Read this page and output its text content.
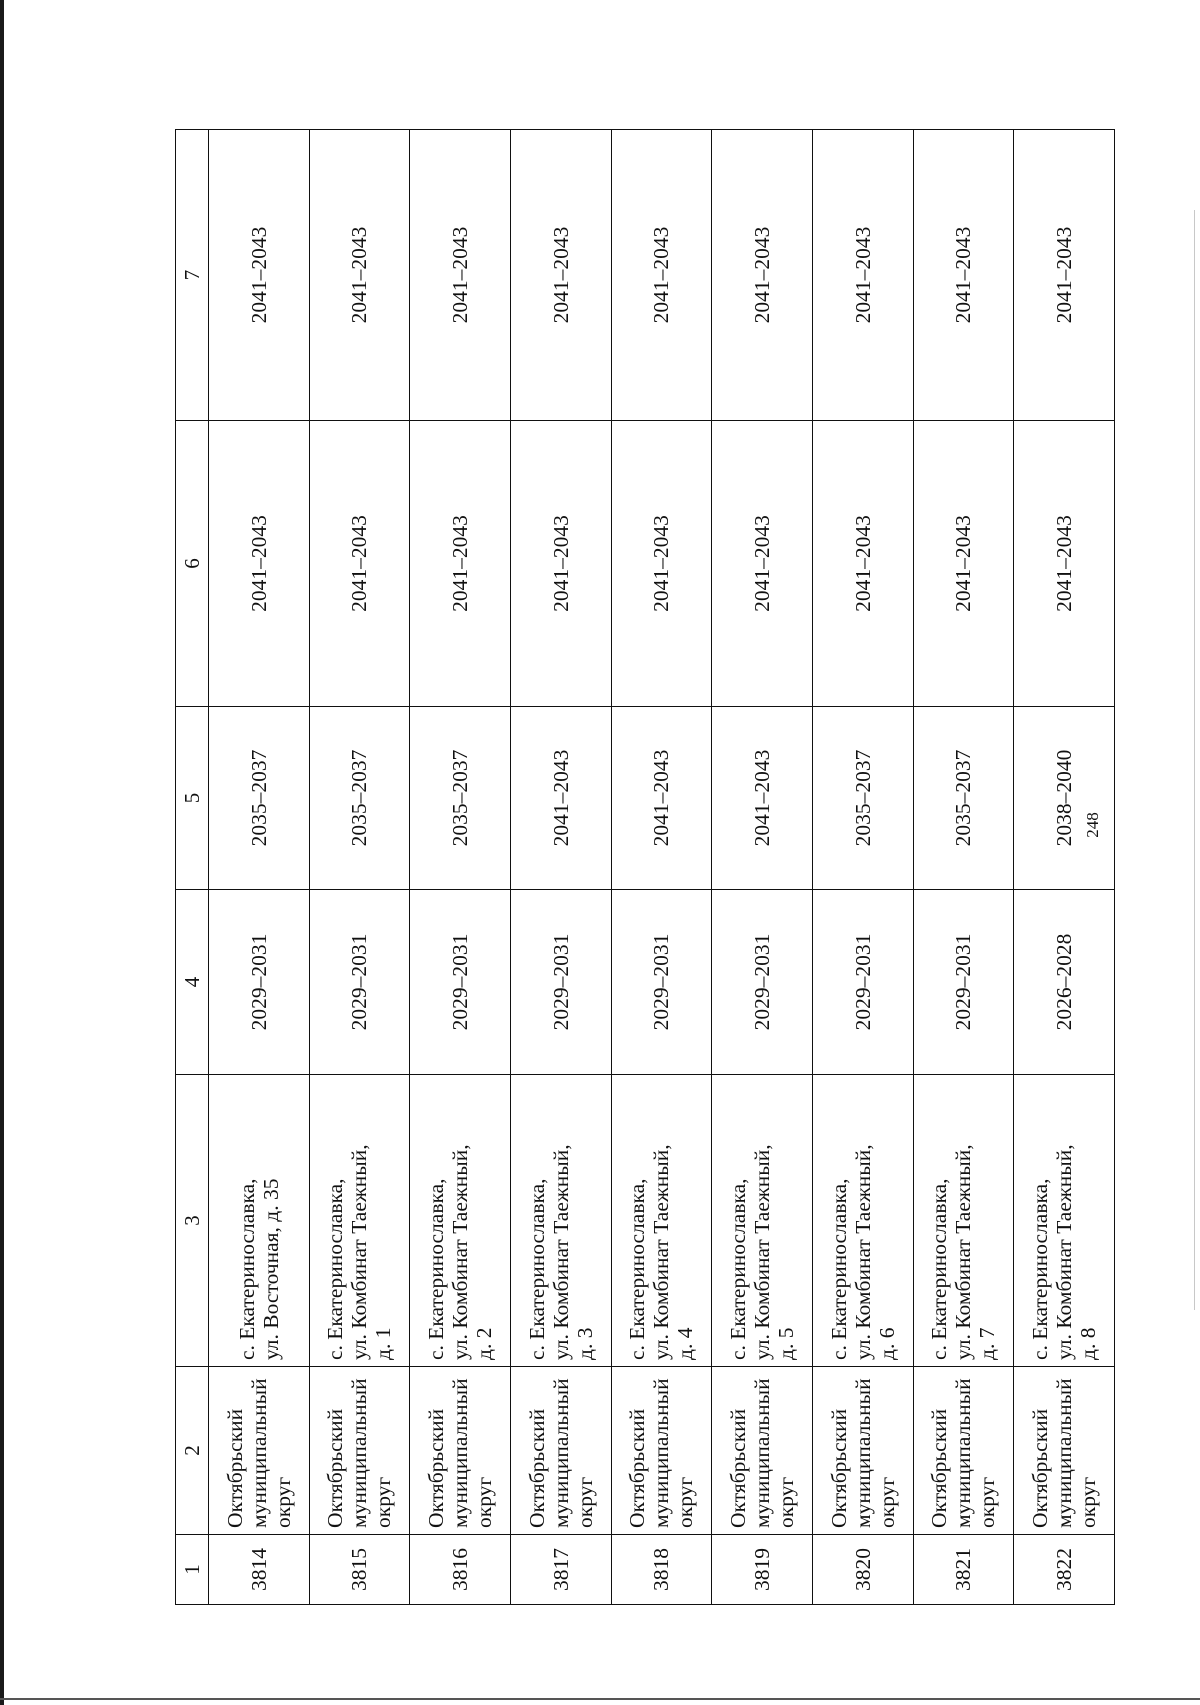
248
1	2	3	4	5	6	7
3814	Октябрьский муниципальный округ	с. Екатеринославка, ул. Восточная, д. 35	2029–2031	2035–2037	2041–2043	2041–2043
3815	Октябрьский муниципальный округ	с. Екатеринославка, ул. Комбинат Таежный, д. 1	2029–2031	2035–2037	2041–2043	2041–2043
3816	Октябрьский муниципальный округ	с. Екатеринославка, ул. Комбинат Таежный, д. 2	2029–2031	2035–2037	2041–2043	2041–2043
3817	Октябрьский муниципальный округ	с. Екатеринославка, ул. Комбинат Таежный, д. 3	2029–2031	2041–2043	2041–2043	2041–2043
3818	Октябрьский муниципальный округ	с. Екатеринославка, ул. Комбинат Таежный, д. 4	2029–2031	2041–2043	2041–2043	2041–2043
3819	Октябрьский муниципальный округ	с. Екатеринославка, ул. Комбинат Таежный, д. 5	2029–2031	2041–2043	2041–2043	2041–2043
3820	Октябрьский муниципальный округ	с. Екатеринославка, ул. Комбинат Таежный, д. 6	2029–2031	2035–2037	2041–2043	2041–2043
3821	Октябрьский муниципальный округ	с. Екатеринославка, ул. Комбинат Таежный, д. 7	2029–2031	2035–2037	2041–2043	2041–2043
3822	Октябрьский муниципальный округ	с. Екатеринославка, ул. Комбинат Таежный, д. 8	2026–2028	2038–2040	2041–2043	2041–2043
